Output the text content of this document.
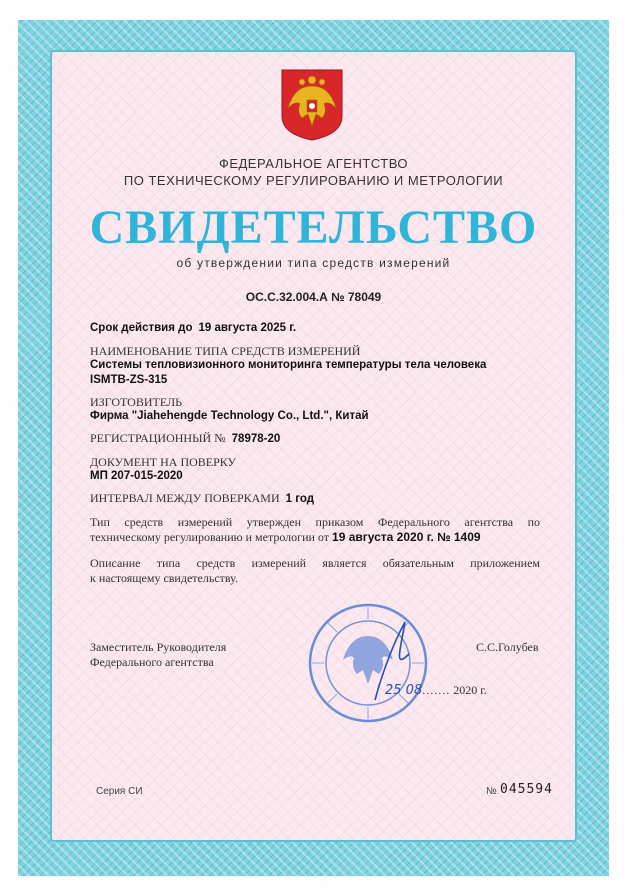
ФЕДЕРАЛЬНОЕ АГЕНТСТВО

ПО ТЕХНИЧЕСКОМУ РЕГУЛИРОВАНИЮ И МЕТРОЛОГИИ

СВИДЕТЕЛЬСТВО
об утверждении типа средств измерений
ОС.С.32.004.А № 78049
Срок действия до 19 августа 2025 г.
НАИМЕНОВАНИЕ ТИПА СРЕДСТВ ИЗМЕРЕНИЙ
Системы тепловизионного мониторинга температуры тела человека
ISMTB-ZS-315
ИЗГОТОВИТЕЛЬ
Фирма "Jiahehengde Technology Co., Ltd.", Китай
РЕГИСТРАЦИОННЫЙ № 78978-20
ДОКУМЕНТ НА ПОВЕРКУ
МП 207-015-2020
ИНТЕРВАЛ МЕЖДУ ПОВЕРКАМИ 1 год
Тип средств измерений утвержден приказом Федерального агентства по
техническому регулированию и метрологии от 19 августа 2020 г. № 1409
Описание типа средств измерений является обязательным приложением
к настоящему свидетельству.
Заместитель Руководителя
Федерального агентства
С.С.Голубев
25 08....... 2020 г.
Серия СИ	№ 045594
